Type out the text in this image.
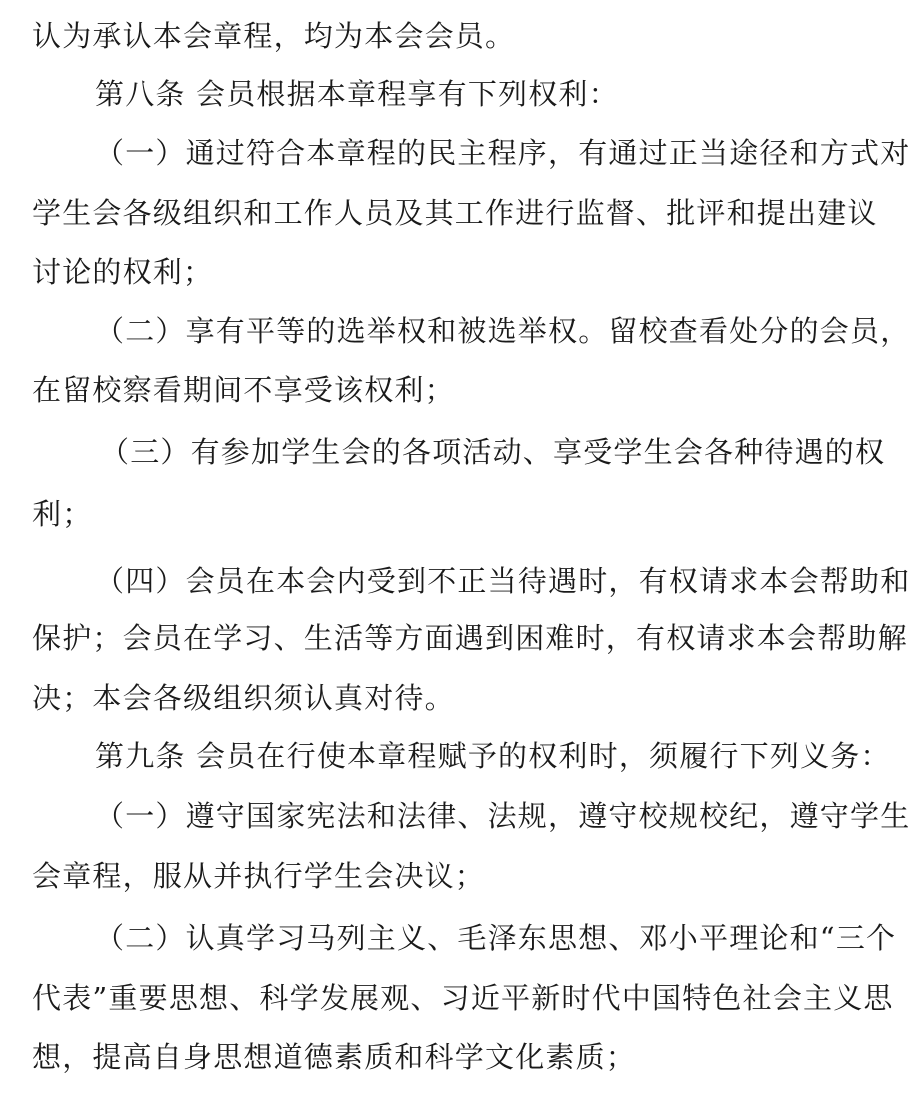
认为承认本会章程，均为本会会员。
第八条 会员根据本章程享有下列权利：
（一）通过符合本章程的民主程序，有通过正当途径和方式对
学生会各级组织和工作人员及其工作进行监督、批评和提出建议
讨论的权利；
（二）享有平等的选举权和被选举权。留校查看处分的会员，
在留校察看期间不享受该权利；
（三）有参加学生会的各项活动、享受学生会各种待遇的权
利；
（四）会员在本会内受到不正当待遇时，有权请求本会帮助和
保护；会员在学习、生活等方面遇到困难时，有权请求本会帮助解
决；本会各级组织须认真对待。
第九条 会员在行使本章程赋予的权利时，须履行下列义务：
（一）遵守国家宪法和法律、法规，遵守校规校纪，遵守学生
会章程，服从并执行学生会决议；
（二）认真学习马列主义、毛泽东思想、邓小平理论和“三个
代表”重要思想、科学发展观、习近平新时代中国特色社会主义思
想，提高自身思想道德素质和科学文化素质；
